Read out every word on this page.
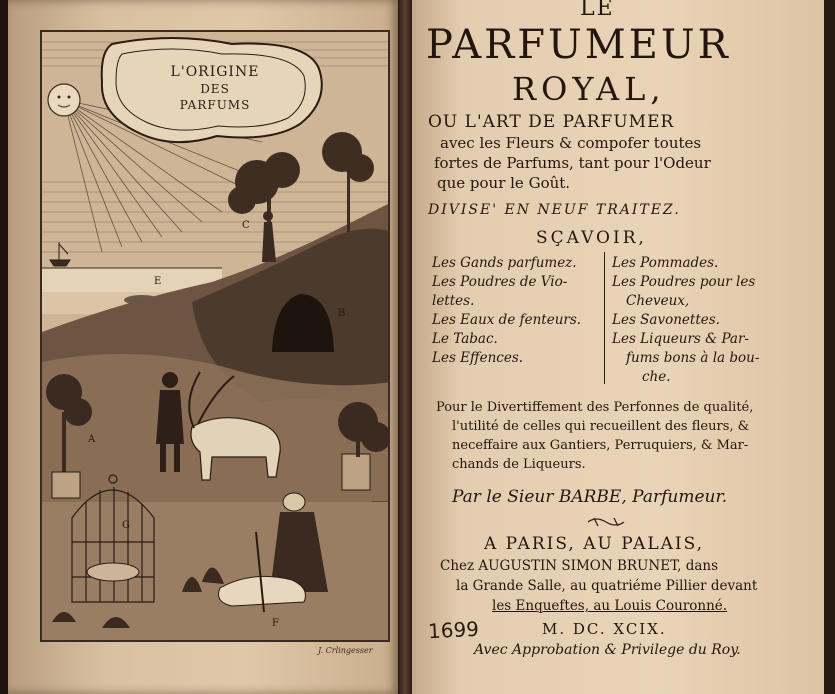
L'ORIGINE
DES
PARFUMS
C
E
B
A
G
F
J. Crlingesser
LE
PARFUMEUR
ROYAL,
OU L'ART DE PARFUMER
avec les Fleurs & compofer toutes
fortes de Parfums, tant pour l'Odeur
que pour le Goût.
DIVISE' EN NEUF TRAITEZ.
SÇAVOIR,
Les Gands parfumez.
Les Poudres de Vio-
lettes.
Les Eaux de fenteurs.
Le Tabac.
Les Effences.
Les Pommades.
Les Poudres pour les
Cheveux,
Les Savonettes.
Les Liqueurs & Par-
fums bons à la bou-
che.
Pour le Divertiffement des Perfonnes de qualité,
l'utilité de celles qui recueillent des fleurs, &
neceffaire aux Gantiers, Perruquiers, & Mar-
chands de Liqueurs.
Par le Sieur BARBE, Parfumeur.
A PARIS, AU PALAIS,
Chez AUGUSTIN SIMON BRUNET, dans
la Grande Salle, au quatriéme Pillier devant
les Enqueftes, au Louis Couronné.
M. DC. XCIX.
Avec Approbation & Privilege du Roy.
1699
